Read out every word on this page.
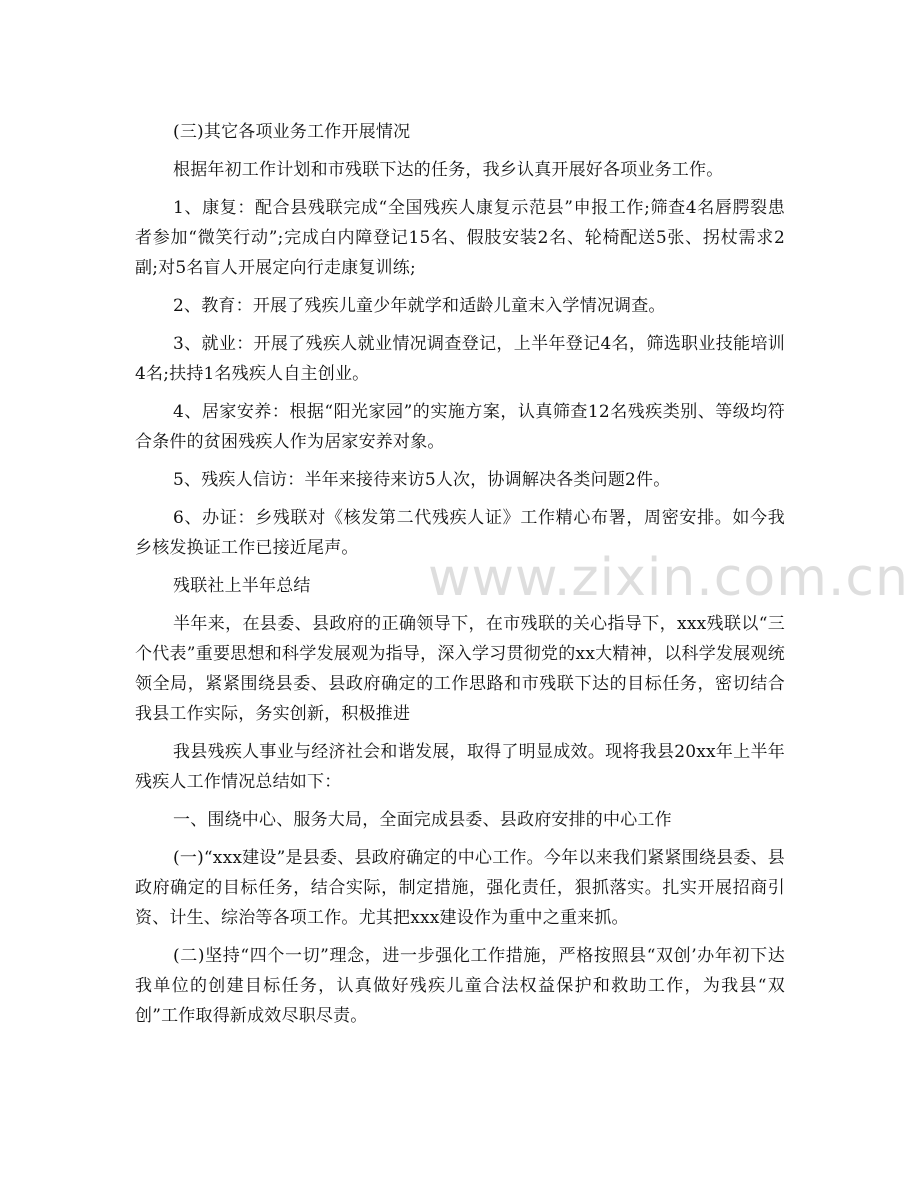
(三)其它各项业务工作开展情况

根据年初工作计划和市残联下达的任务，我乡认真开展好各项业务工作。

1、康复：配合县残联完成“全国残疾人康复示范县”申报工作;筛查4名唇腭裂患者参加“微笑行动”;完成白内障登记15名、假肢安装2名、轮椅配送5张、拐杖需求2副;对5名盲人开展定向行走康复训练;

2、教育：开展了残疾儿童少年就学和适龄儿童末入学情况调查。

3、就业：开展了残疾人就业情况调查登记，上半年登记4名，筛选职业技能培训4名;扶持1名残疾人自主创业。

4、居家安养：根据“阳光家园”的实施方案，认真筛查12名残疾类别、等级均符合条件的贫困残疾人作为居家安养对象。

5、残疾人信访：半年来接待来访5人次，协调解决各类问题2件。

6、办证：乡残联对《核发第二代残疾人证》工作精心布署，周密安排。如今我乡核发换证工作已接近尾声。

残联社上半年总结

半年来，在县委、县政府的正确领导下，在市残联的关心指导下，xxx残联以“三个代表”重要思想和科学发展观为指导，深入学习贯彻党的xx大精神，以科学发展观统领全局，紧紧围绕县委、县政府确定的工作思路和市残联下达的目标任务，密切结合我县工作实际，务实创新，积极推进

我县残疾人事业与经济社会和谐发展，取得了明显成效。现将我县20xx年上半年残疾人工作情况总结如下：

一、围绕中心、服务大局，全面完成县委、县政府安排的中心工作

(一)“xxx建设”是县委、县政府确定的中心工作。今年以来我们紧紧围绕县委、县政府确定的目标任务，结合实际，制定措施，强化责任，狠抓落实。扎实开展招商引资、计生、综治等各项工作。尤其把xxx建设作为重中之重来抓。

(二)坚持“四个一切”理念，进一步强化工作措施，严格按照县“双创’办年初下达我单位的创建目标任务，认真做好残疾儿童合法权益保护和救助工作，为我县“双创”工作取得新成效尽职尽责。

www.zixin.com.cn
